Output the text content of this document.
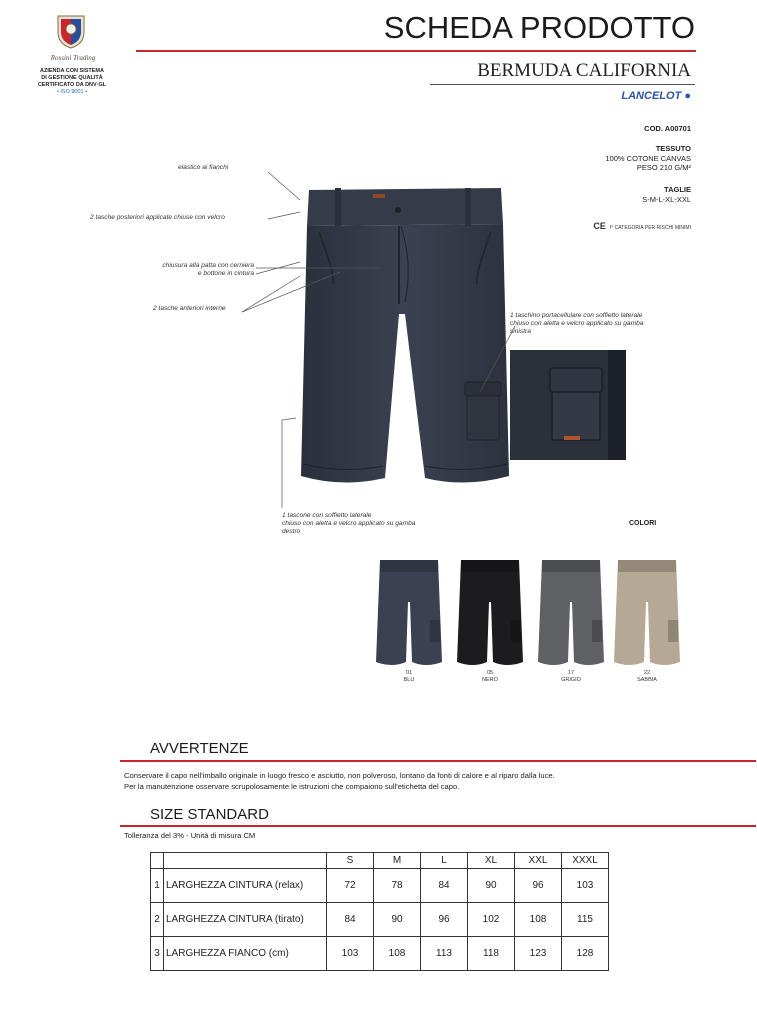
Rossini Trading
AZIENDA CON SISTEMA
DI GESTIONE QUALITÀ
CERTIFICATO DA DNV·GL
• ISO 9001 •
SCHEDA PRODOTTO
BERMUDA CALIFORNIA
LANCELOT ●
COD. A00701
TESSUTO
100% COTONE CANVAS
PESO 210 G/M²
TAGLIE
S-M-L-XL-XXL
CE I° CATEGORIA PER RISCHI MINIMI
elastico ai fianchi
2 tasche posteriori applicate chiuse con velcro
chiusura alla patta con cerniera
e bottone in cintura
2 tasche anteriori interne
1 taschino portacellulare con soffietto laterale
chiuso con aletta e velcro applicato su gamba
sinistra
1 tascone con soffietto laterale
chiuso con aletta e velcro applicato su gamba
destro
COLORI
01
BLU
05
NERO
17
GRIGIO
22
SABBIA
AVVERTENZE
Conservare il capo nell'imballo originale in luogo fresco e asciutto, non polveroso, lontano da fonti di calore e al riparo dalla luce.
Per la manutenzione osservare scrupolosamente le istruzioni che compaiono sull'etichetta del capo.
SIZE STANDARD
Tolleranza del 3% - Unità di misura CM
		S	M	L	XL	XXL	XXXL
1	LARGHEZZA CINTURA (relax)	72	78	84	90	96	103
2	LARGHEZZA CINTURA (tirato)	84	90	96	102	108	115
3	LARGHEZZA FIANCO (cm)	103	108	113	118	123	128
